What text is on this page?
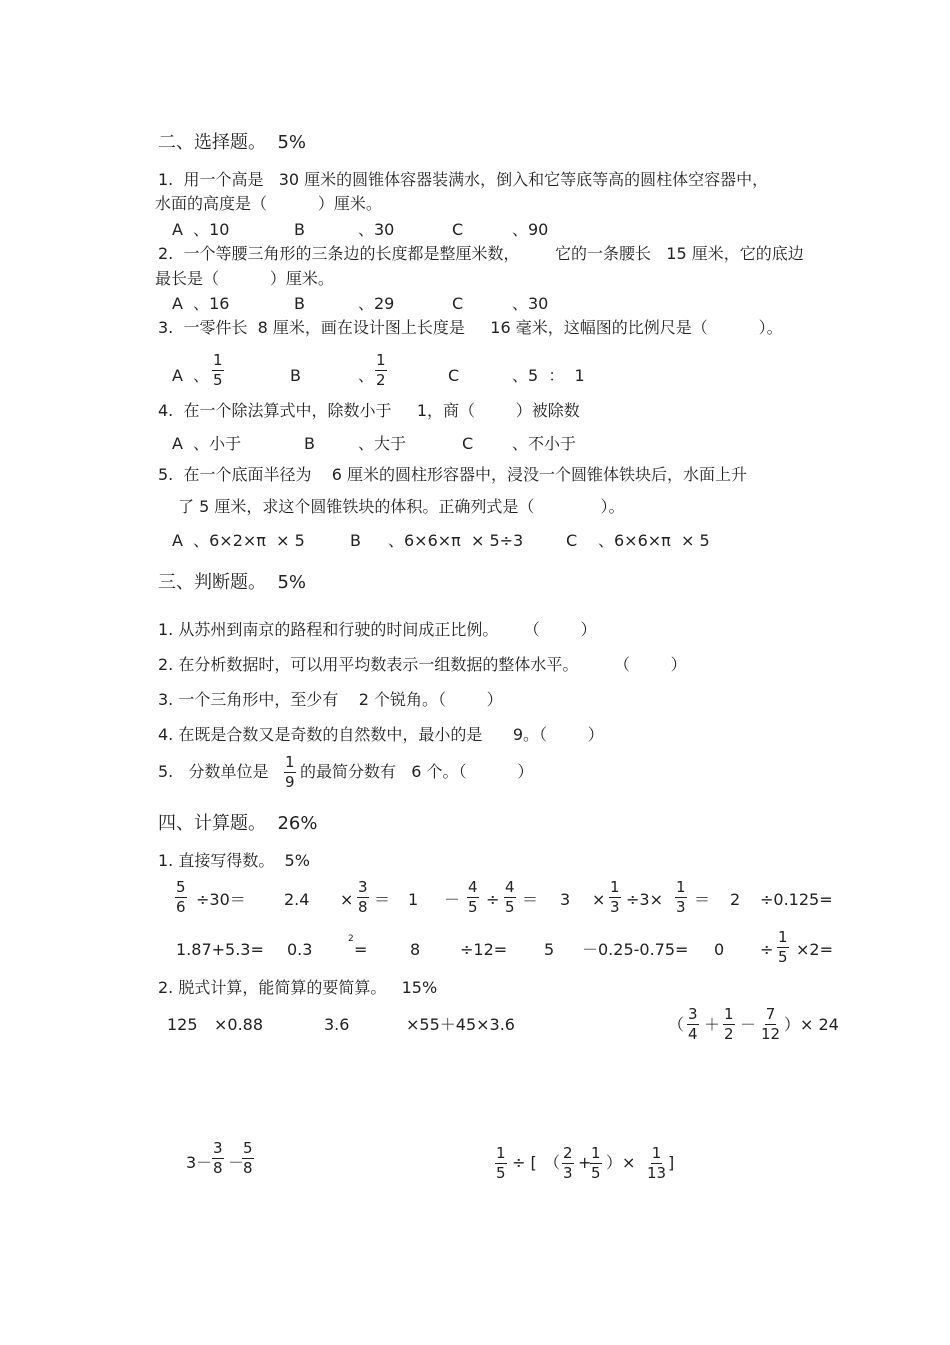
二、选择题。  5%
1.  用一个高是   30 厘米的圆锥体容器装满水，倒入和它等底等高的圆柱体空容器中，
水面的高度是（          ）厘米。
A  、10	B	、30	C	、90
2.  一个等腰三角形的三条边的长度都是整厘米数，       它的一条腰长   15 厘米，它的底边
最长是（          ）厘米。
A  、16	B	、29	C	、30
3.  一零件长  8 厘米，画在设计图上长度是     16 毫米，这幅图的比例尺是（          ）。
A  、 $\frac{1}{5}$	B	、 $\frac{1}{2}$	C	、5  ：  1
4.  在一个除法算式中，除数小于     1，商（        ）被除数
A  、小于	B	、大于	C 、不小于
5.  在一个底面半径为    6 厘米的圆柱形容器中，浸没一个圆锥体铁块后，水面上升
了 5 厘米，求这个圆锥铁块的体积。正确列式是（             ）。
A  、6×2×π  × 5	B 、6×6×π  × 5÷3	C 、6×6×π  × 5
三、判断题。  5%
1. 从苏州到南京的路程和行驶的时间成正比例。     （        ）
2. 在分析数据时，可以用平均数表示一组数据的整体水平。       （        ）
3. 一个三角形中，至少有    2 个锐角。（        ）
4. 在既是合数又是奇数的自然数中，最小的是      9。（        ）
5.   分数单位是 $\frac{1}{9}$ 的最简分数有   6 个。（          ）
四、计算题。  26%
1. 直接写得数。  5%
$\frac{5}{6} \div 30= 2.4 \times \frac{3}{8} = 1 - \frac{4}{5} \div \frac{4}{5} = 3 \times \frac{1}{3} \div 3\times \frac{1}{3} = 2 \div 0.125=$
1.87+5.3= 0.3
2
=	$8 \div 12= 5 -0.25-0.75= 0 \div \frac{1}{5} \times 2=$
2. 脱式计算，能简算的要简算。   15%
125 ×0.88	3.6	×55＋45×3.6	（ $\frac{3}{4} + \frac{1}{2} - \frac{7}{12}$ ）× 24
$3- \frac{3}{8}$ －
$\frac{5}{8}$	$\frac{1}{5}$ ÷ [ （ $\frac{2}{3}$ +
$\frac{1}{5}$ ）× $\frac{1}{13}$ ]
